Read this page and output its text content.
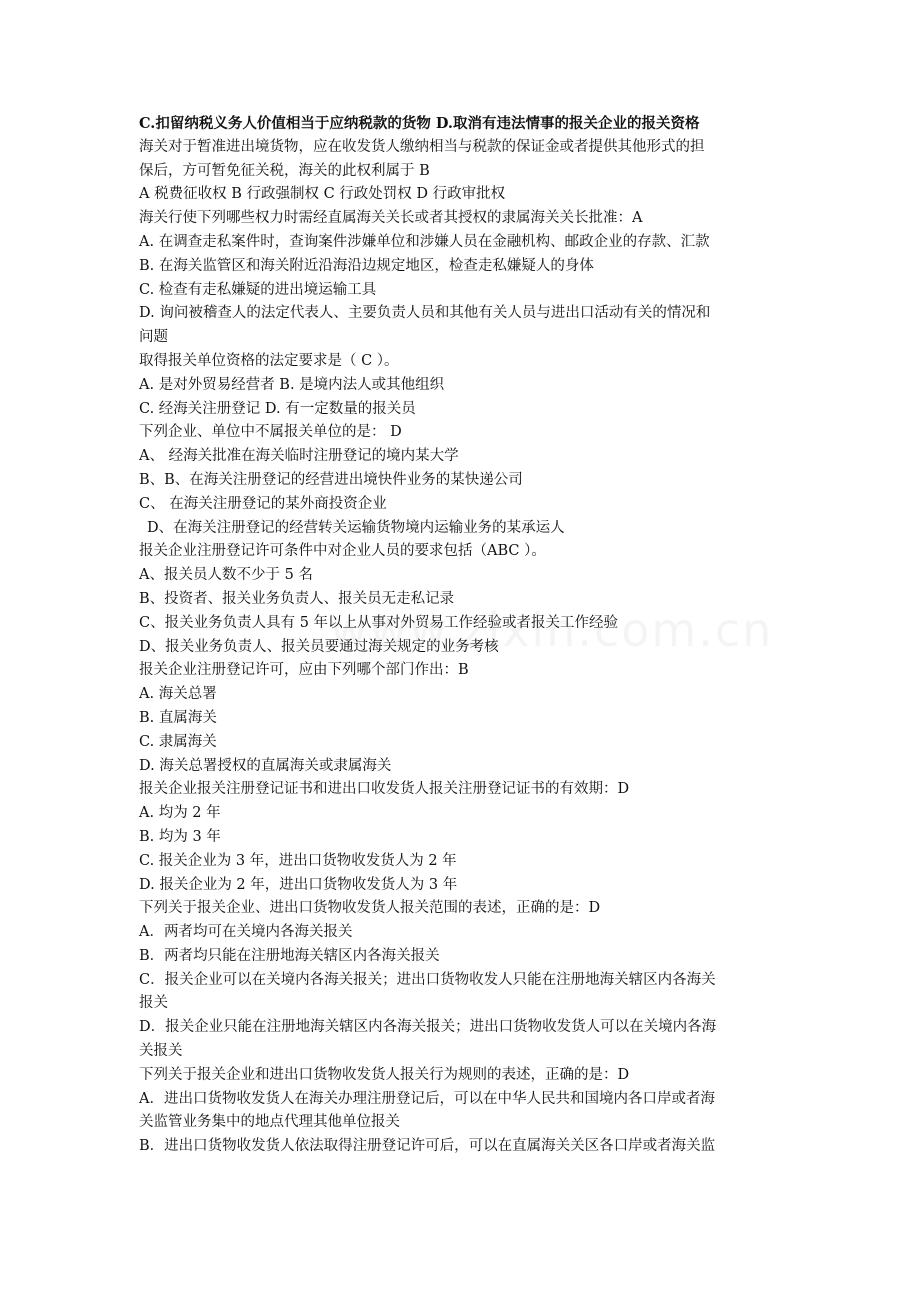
C.扣留纳税义务人价值相当于应纳税款的货物 D.取消有违法情事的报关企业的报关资格
海关对于暂准进出境货物，应在收发货人缴纳相当与税款的保证金或者提供其他形式的担
保后，方可暂免征关税，海关的此权利属于 B
A 税费征收权 B 行政强制权 C 行政处罚权 D 行政审批权
海关行使下列哪些权力时需经直属海关关长或者其授权的隶属海关关长批准：A
A. 在调查走私案件时，查询案件涉嫌单位和涉嫌人员在金融机构、邮政企业的存款、汇款
B. 在海关监管区和海关附近沿海沿边规定地区，检查走私嫌疑人的身体
C. 检查有走私嫌疑的进出境运输工具
D. 询问被稽查人的法定代表人、主要负责人员和其他有关人员与进出口活动有关的情况和
问题
取得报关单位资格的法定要求是（ C ）。
A. 是对外贸易经营者 B. 是境内法人或其他组织
C. 经海关注册登记 D. 有一定数量的报关员
下列企业、单位中不属报关单位的是： D
A、 经海关批准在海关临时注册登记的境内某大学
B、B、在海关注册登记的经营进出境快件业务的某快递公司
C、 在海关注册登记的某外商投资企业
D、在海关注册登记的经营转关运输货物境内运输业务的某承运人
报关企业注册登记许可条件中对企业人员的要求包括（ABC ）。
A、报关员人数不少于 5 名
B、投资者、报关业务负责人、报关员无走私记录
C、报关业务负责人具有 5 年以上从事对外贸易工作经验或者报关工作经验
D、报关业务负责人、报关员要通过海关规定的业务考核
报关企业注册登记许可，应由下列哪个部门作出：B
A. 海关总署
B. 直属海关
C. 隶属海关
D. 海关总署授权的直属海关或隶属海关
报关企业报关注册登记证书和进出口收发货人报关注册登记证书的有效期：D
A. 均为 2 年
B. 均为 3 年
C. 报关企业为 3 年，进出口货物收发货人为 2 年
D. 报关企业为 2 年，进出口货物收发货人为 3 年
下列关于报关企业、进出口货物收发货人报关范围的表述，正确的是：D
A．两者均可在关境内各海关报关
B．两者均只能在注册地海关辖区内各海关报关
C．报关企业可以在关境内各海关报关；进出口货物收发人只能在注册地海关辖区内各海关
报关
D．报关企业只能在注册地海关辖区内各海关报关；进出口货物收发货人可以在关境内各海
关报关
下列关于报关企业和进出口货物收发货人报关行为规则的表述，正确的是：D
A．进出口货物收发货人在海关办理注册登记后，可以在中华人民共和国境内各口岸或者海
关监管业务集中的地点代理其他单位报关
B．进出口货物收发货人依法取得注册登记许可后，可以在直属海关关区各口岸或者海关监
